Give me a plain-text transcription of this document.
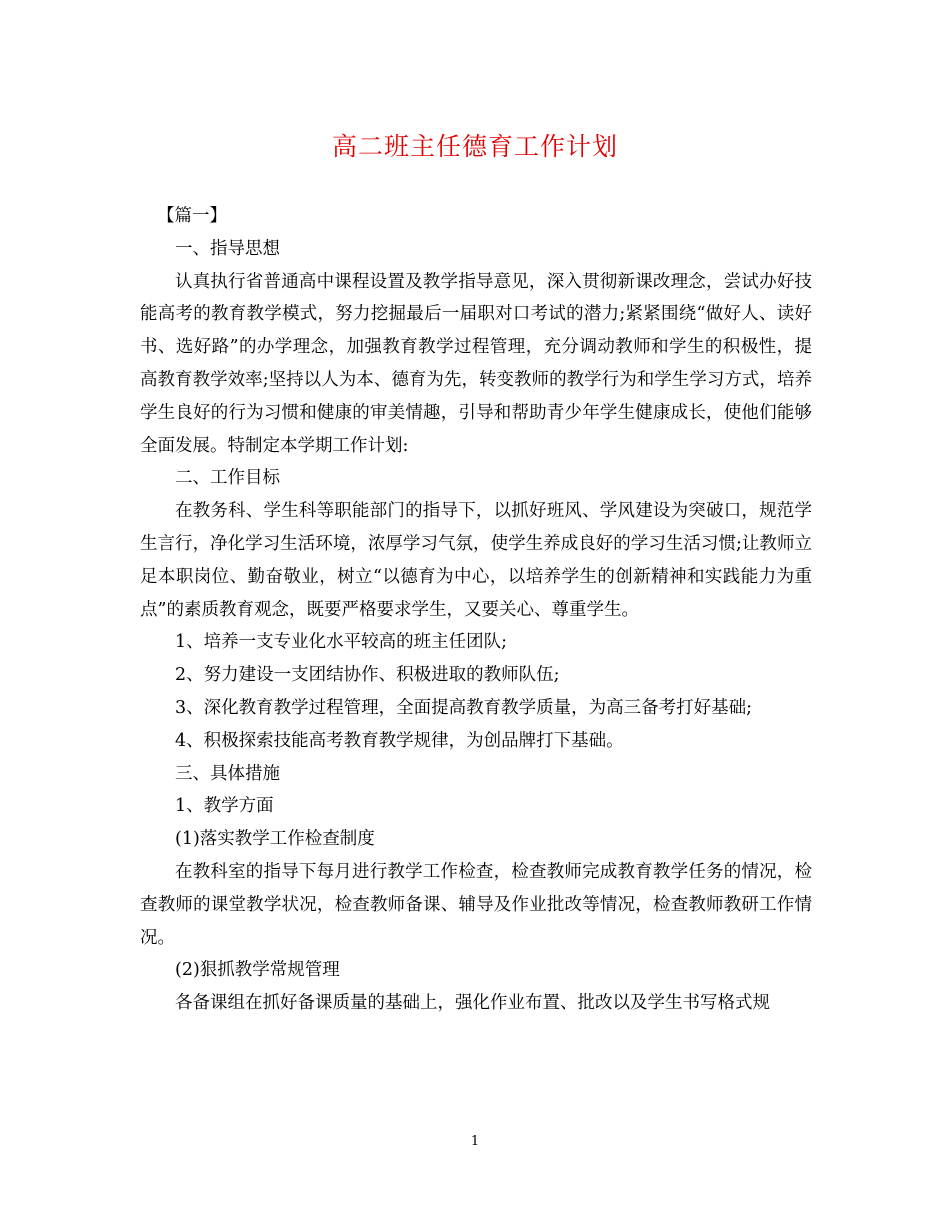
高二班主任德育工作计划

【篇一】

一、指导思想

认真执行省普通高中课程设置及教学指导意见，深入贯彻新课改理念，尝试办好技能高考的教育教学模式，努力挖掘最后一届职对口考试的潜力;紧紧围绕“做好人、读好书、选好路”的办学理念，加强教育教学过程管理，充分调动教师和学生的积极性，提高教育教学效率;坚持以人为本、德育为先，转变教师的教学行为和学生学习方式，培养学生良好的行为习惯和健康的审美情趣，引导和帮助青少年学生健康成长，使他们能够全面发展。特制定本学期工作计划:

二、工作目标

在教务科、学生科等职能部门的指导下，以抓好班风、学风建设为突破口，规范学生言行，净化学习生活环境，浓厚学习气氛，使学生养成良好的学习生活习惯;让教师立足本职岗位、勤奋敬业，树立“以德育为中心，以培养学生的创新精神和实践能力为重点”的素质教育观念，既要严格要求学生，又要关心、尊重学生。

1、培养一支专业化水平较高的班主任团队;

2、努力建设一支团结协作、积极进取的教师队伍;

3、深化教育教学过程管理，全面提高教育教学质量，为高三备考打好基础;

4、积极探索技能高考教育教学规律，为创品牌打下基础。

三、具体措施

1、教学方面

(1)落实教学工作检查制度

在教科室的指导下每月进行教学工作检查，检查教师完成教育教学任务的情况，检查教师的课堂教学状况，检查教师备课、辅导及作业批改等情况，检查教师教研工作情况。

(2)狠抓教学常规管理

各备课组在抓好备课质量的基础上，强化作业布置、批改以及学生书写格式规

1
